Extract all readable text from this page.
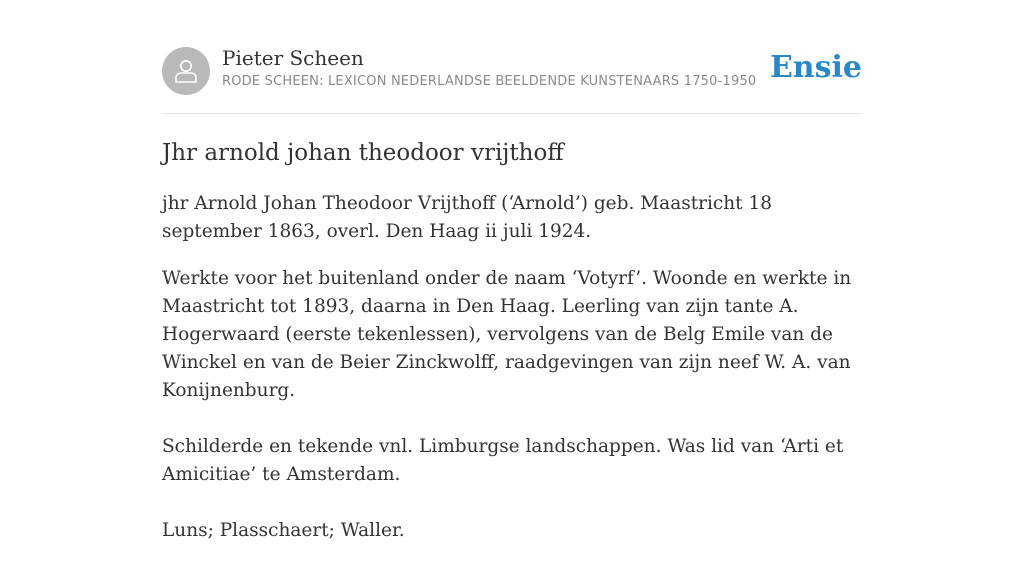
Pieter Scheen
RODE SCHEEN: LEXICON NEDERLANDSE BEELDENDE KUNSTENAARS 1750-1950 Ensie
Jhr arnold johan theodoor vrijthoff

jhr Arnold Johan Theodoor Vrijthoff (‘Arnold’) geb. Maastricht 18 september 1863, overl. Den Haag ii juli 1924.

Werkte voor het buitenland onder de naam ‘Votyrf’. Woonde en werkte in Maastricht tot 1893, daarna in Den Haag. Leerling van zijn tante A. Hogerwaard (eerste tekenlessen), vervolgens van de Belg Emile van de Winckel en van de Beier Zinckwolff, raadgevingen van zijn neef W. A. van Konijnenburg.

Schilderde en tekende vnl. Limburgse landschappen. Was lid van ‘Arti et Amicitiae’ te Amsterdam.

Luns; Plasschaert; Waller.
